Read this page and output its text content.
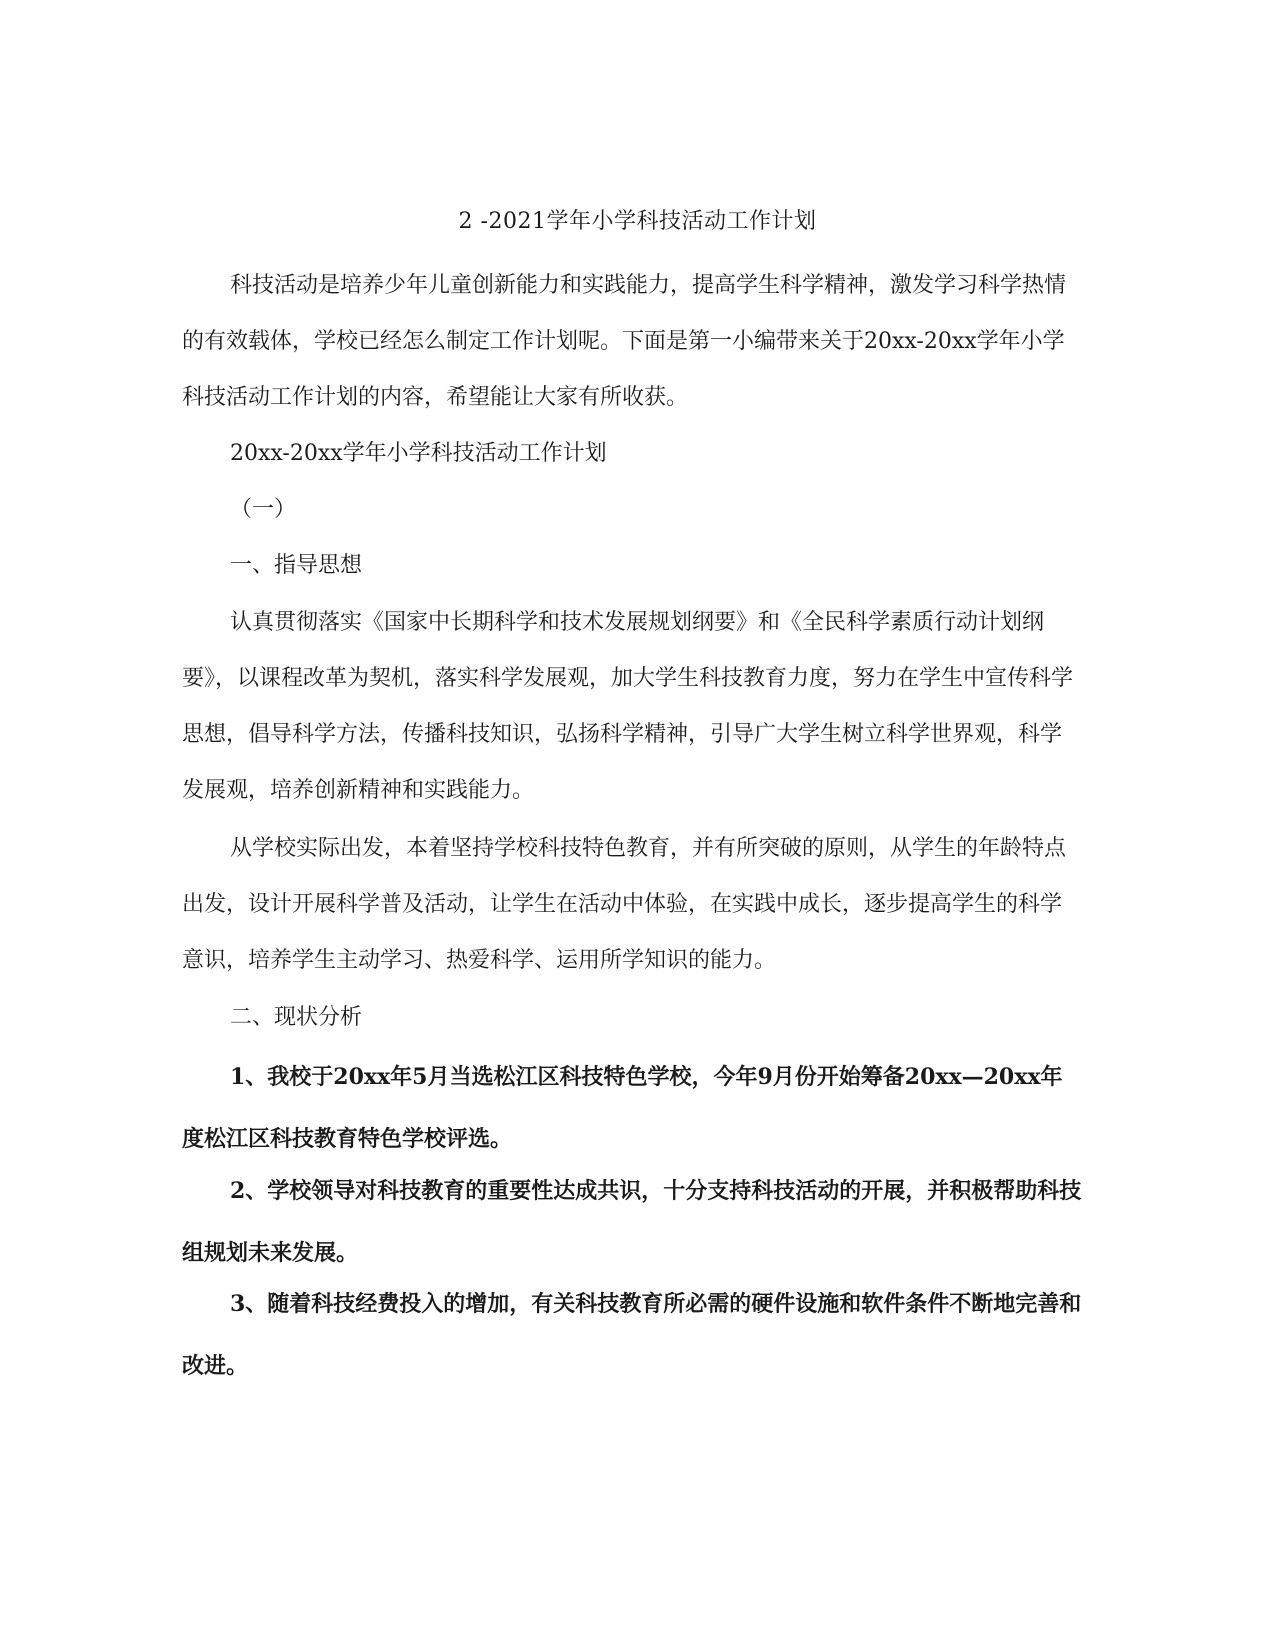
2 -2021学年小学科技活动工作计划

科技活动是培养少年儿童创新能力和实践能力，提高学生科学精神，激发学习科学热情的有效载体，学校已经怎么制定工作计划呢。下面是第一小编带来关于20xx-20xx学年小学科技活动工作计划的内容，希望能让大家有所收获。

20xx-20xx学年小学科技活动工作计划
（一）
一、指导思想

认真贯彻落实《国家中长期科学和技术发展规划纲要》和《全民科学素质行动计划纲要》，以课程改革为契机，落实科学发展观，加大学生科技教育力度，努力在学生中宣传科学思想，倡导科学方法，传播科技知识，弘扬科学精神，引导广大学生树立科学世界观，科学发展观，培养创新精神和实践能力。

从学校实际出发，本着坚持学校科技特色教育，并有所突破的原则，从学生的年龄特点出发，设计开展科学普及活动，让学生在活动中体验，在实践中成长，逐步提高学生的科学意识，培养学生主动学习、热爱科学、运用所学知识的能力。

二、现状分析

1、我校于20xx年5月当选松江区科技特色学校，今年9月份开始筹备20xx—20xx年度松江区科技教育特色学校评选。

2、学校领导对科技教育的重要性达成共识，十分支持科技活动的开展，并积极帮助科技组规划未来发展。

3、随着科技经费投入的增加，有关科技教育所必需的硬件设施和软件条件不断地完善和改进。
